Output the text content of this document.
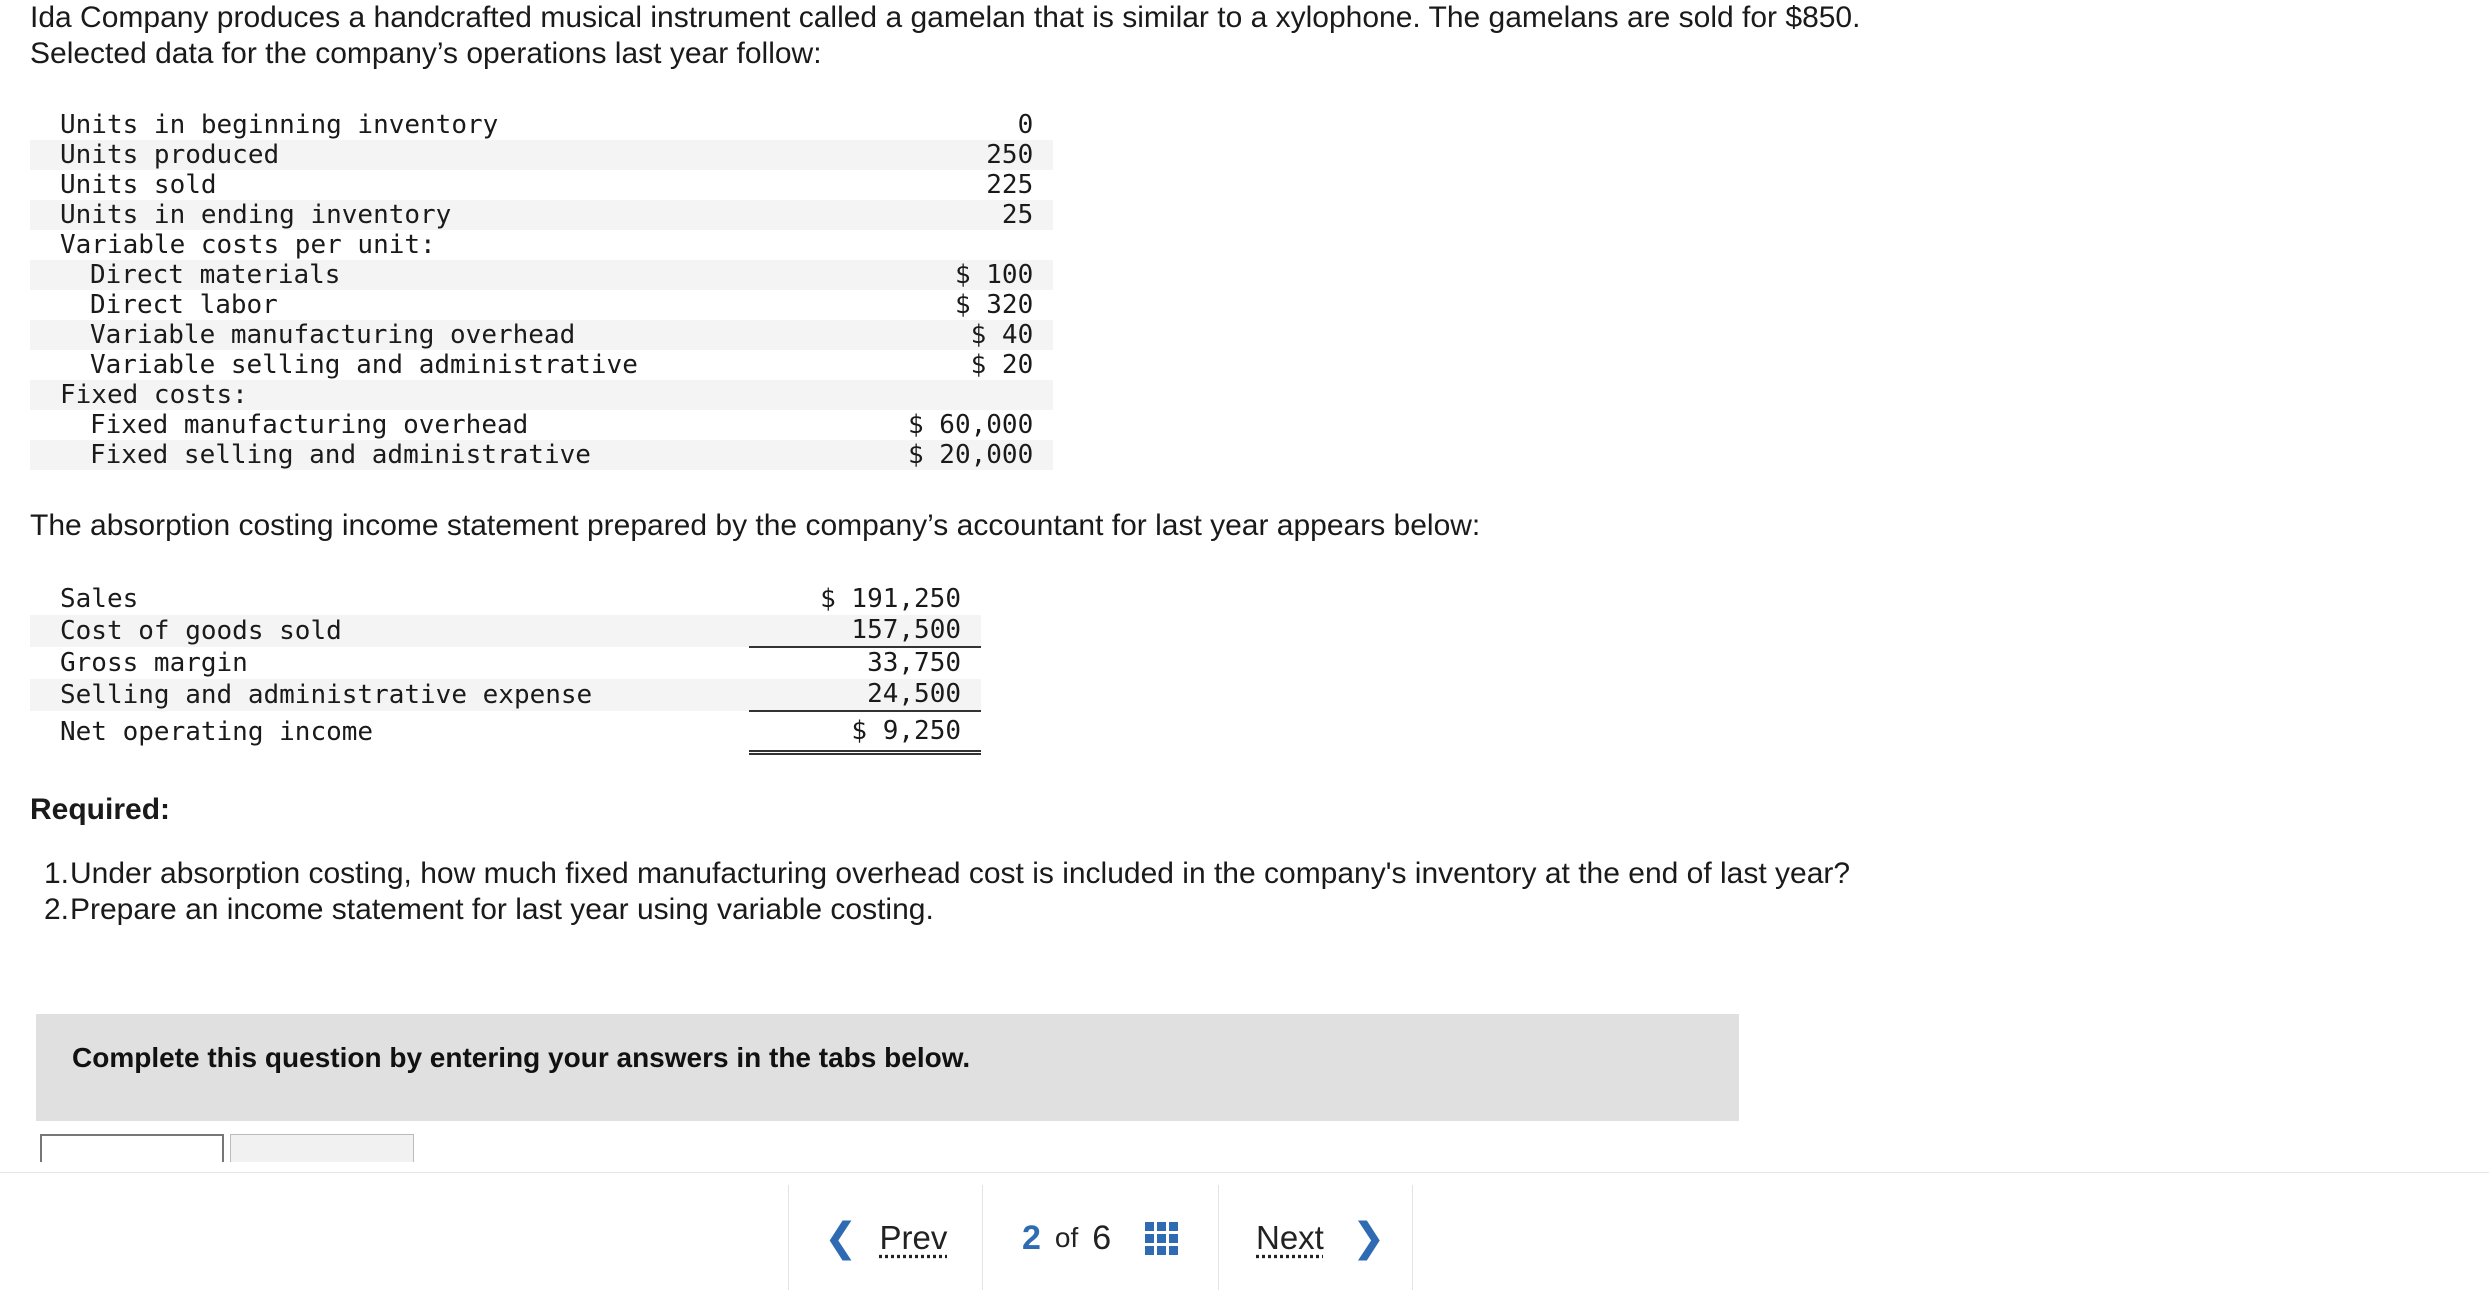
Ida Company produces a handcrafted musical instrument called a gamelan that is similar to a xylophone. The gamelans are sold for $850. Selected data for the company’s operations last year follow:

Units in beginning inventory	0
Units produced	250
Units sold	225
Units in ending inventory	25
Variable costs per unit:	
Direct materials	$ 100
Direct labor	$ 320
Variable manufacturing overhead	$ 40
Variable selling and administrative	$ 20
Fixed costs:	
Fixed manufacturing overhead	$ 60,000
Fixed selling and administrative	$ 20,000

The absorption costing income statement prepared by the company’s accountant for last year appears below:

Sales	$ 191,250
Cost of goods sold	157,500
Gross margin	33,750
Selling and administrative expense	24,500
Net operating income	$ 9,250

Required:

1. Under absorption costing, how much fixed manufacturing overhead cost is included in the company's inventory at the end of last year?
2. Prepare an income statement for last year using variable costing.
Complete this question by entering your answers in the tabs below.
❮ Prev 2 of 6	Next ❯
